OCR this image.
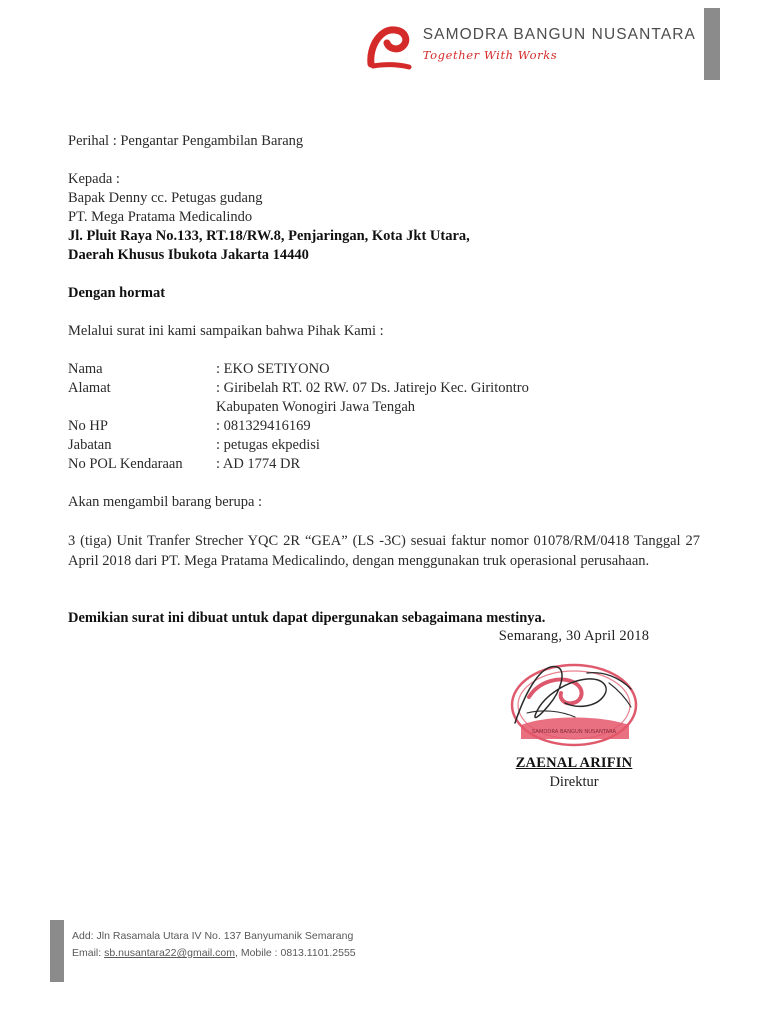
SAMODRA BANGUN NUSANTARA
Together With Works
Perihal : Pengantar Pengambilan Barang
Kepada :
Bapak Denny cc. Petugas gudang
PT. Mega Pratama Medicalindo
Jl. Pluit Raya No.133, RT.18/RW.8, Penjaringan, Kota Jkt Utara,
Daerah Khusus Ibukota Jakarta 14440
Dengan hormat
Melalui surat ini kami sampaikan bahwa Pihak Kami :
Nama	: EKO SETIYONO
Alamat	: Giribelah RT. 02 RW. 07 Ds. Jatirejo Kec. Giritontro
	Kabupaten Wonogiri Jawa Tengah
No HP	: 081329416169
Jabatan	: petugas ekpedisi
No POL Kendaraan	: AD 1774 DR
Akan mengambil barang berupa :
3 (tiga) Unit Tranfer Strecher YQC 2R “GEA” (LS -3C) sesuai faktur nomor 01078/RM/0418 Tanggal 27 April 2018 dari PT. Mega Pratama Medicalindo, dengan menggunakan truk operasional perusahaan.
Demikian surat ini dibuat untuk dapat dipergunakan sebagaimana mestinya.
Semarang, 30 April 2018
SAMODRA BANGUN NUSANTARA
ZAENAL ARIFIN
Direktur
Add: Jln Rasamala Utara IV No. 137 Banyumanik Semarang
Email: sb.nusantara22@gmail.com, Mobile : 0813.1101.2555
